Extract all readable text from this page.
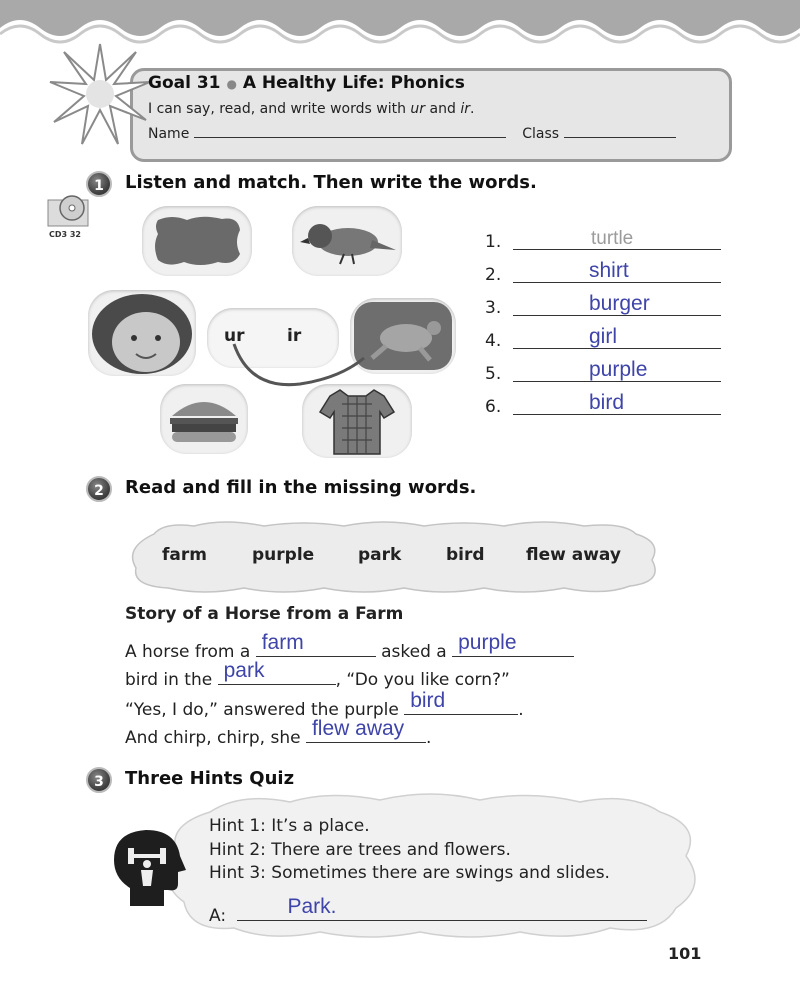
Goal 31 ● A Healthy Life: Phonics
I can say, read, and write words with ur and ir.
Name	Class
1	Listen and match. Then write the words.
CD3 32
ur	ir
1.	turtle
2.	shirt
3.	burger
4.	girl
5.	purple
6.	bird
2	Read and fill in the missing words.
farm	purple	park	bird flew away
Story of a Horse from a Farm
A horse from a farm	asked a purple
bird in the park	, “Do you like corn?”
“Yes, I do,” answered the purple bird	.
And chirp, chirp, she flew away .
3	Three Hints Quiz
Hint 1: It’s a place.
Hint 2: There are trees and flowers.
Hint 3: Sometimes there are swings and slides.
A:	Park.
101
